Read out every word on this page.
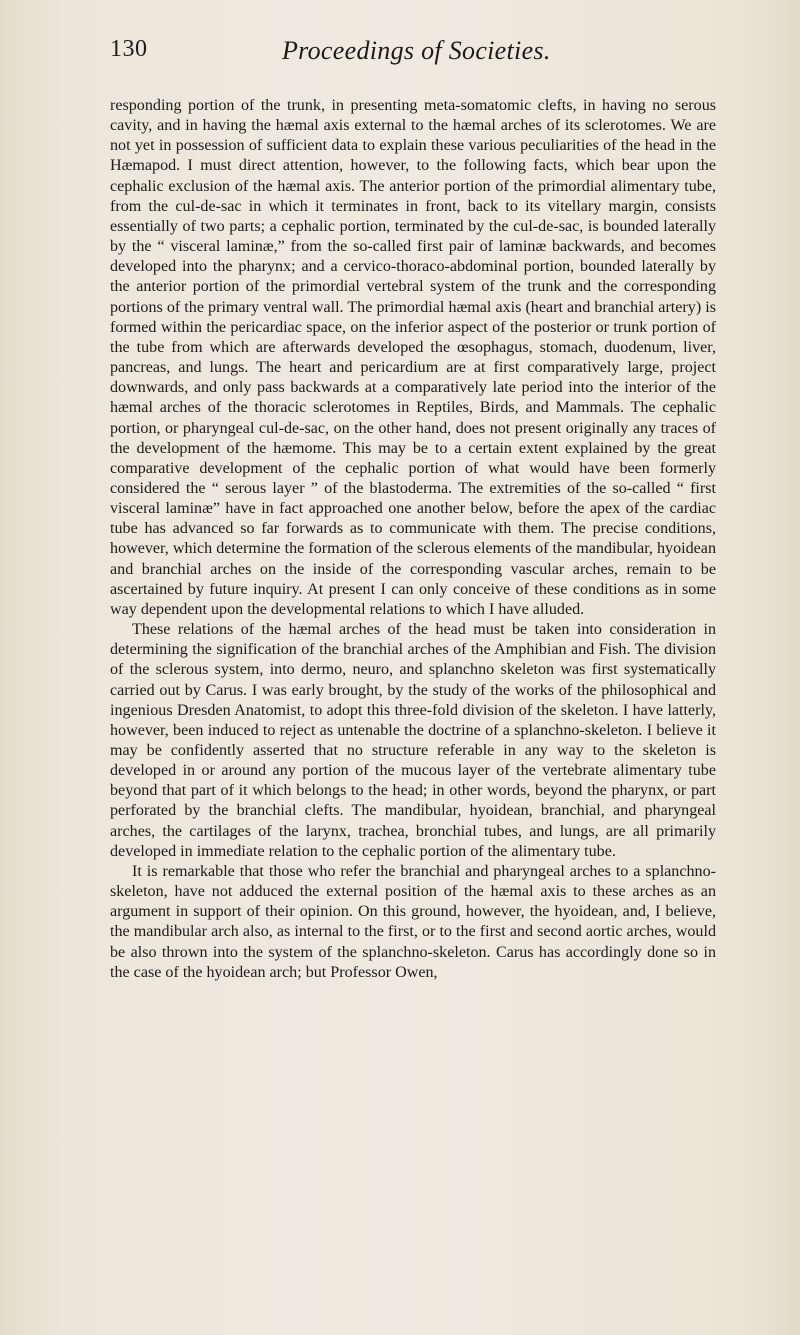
130	Proceedings of Societies.

responding portion of the trunk, in presenting meta-somatomic clefts, in having no serous cavity, and in having the hæmal axis external to the hæmal arches of its sclerotomes. We are not yet in possession of sufficient data to explain these various peculiarities of the head in the Hæmapod. I must direct attention, however, to the following facts, which bear upon the cephalic exclusion of the hæmal axis. The anterior portion of the primordial alimentary tube, from the cul-de-sac in which it terminates in front, back to its vitellary margin, consists essentially of two parts; a cephalic portion, terminated by the cul-de-sac, is bounded laterally by the “ visceral laminæ,” from the so-called first pair of laminæ backwards, and becomes developed into the pharynx; and a cervico-thoraco-abdominal portion, bounded laterally by the anterior portion of the primordial vertebral system of the trunk and the corresponding portions of the primary ventral wall. The primordial hæmal axis (heart and branchial artery) is formed within the pericardiac space, on the inferior aspect of the posterior or trunk portion of the tube from which are afterwards developed the œsophagus, stomach, duodenum, liver, pancreas, and lungs. The heart and pericardium are at first comparatively large, project downwards, and only pass backwards at a comparatively late period into the interior of the hæmal arches of the thoracic sclerotomes in Reptiles, Birds, and Mammals. The cephalic portion, or pharyngeal cul-de-sac, on the other hand, does not present originally any traces of the development of the hæmome. This may be to a certain extent explained by the great comparative development of the cephalic portion of what would have been formerly considered the “ serous layer ” of the blastoderma. The extremities of the so-called “ first visceral laminæ” have in fact approached one another below, before the apex of the cardiac tube has advanced so far forwards as to communicate with them. The precise conditions, however, which determine the formation of the sclerous elements of the mandibular, hyoidean and branchial arches on the inside of the corresponding vascular arches, remain to be ascertained by future inquiry. At present I can only conceive of these conditions as in some way dependent upon the developmental relations to which I have alluded.

These relations of the hæmal arches of the head must be taken into consideration in determining the signification of the branchial arches of the Amphibian and Fish. The division of the sclerous system, into dermo, neuro, and splanchno skeleton was first systematically carried out by Carus. I was early brought, by the study of the works of the philosophical and ingenious Dresden Anatomist, to adopt this three-fold division of the skeleton. I have latterly, however, been induced to reject as untenable the doctrine of a splanchno-skeleton. I believe it may be confidently asserted that no structure referable in any way to the skeleton is developed in or around any portion of the mucous layer of the vertebrate alimentary tube beyond that part of it which belongs to the head; in other words, beyond the pharynx, or part perforated by the branchial clefts. The mandibular, hyoidean, branchial, and pharyngeal arches, the cartilages of the larynx, trachea, bronchial tubes, and lungs, are all primarily developed in immediate relation to the cephalic portion of the alimentary tube.

It is remarkable that those who refer the branchial and pharyngeal arches to a splanchno-skeleton, have not adduced the external position of the hæmal axis to these arches as an argument in support of their opinion. On this ground, however, the hyoidean, and, I believe, the mandibular arch also, as internal to the first, or to the first and second aortic arches, would be also thrown into the system of the splanchno-skeleton. Carus has accordingly done so in the case of the hyoidean arch; but Professor Owen,
